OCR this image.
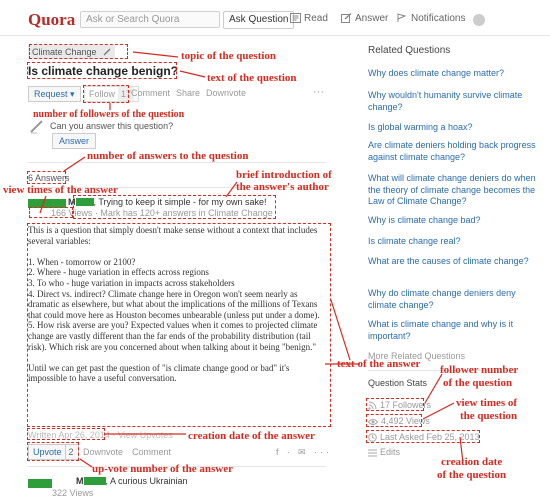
Quora	Ask or Search Quora	Ask Question	Read	Answer	Notifications
Climate Change
Is climate change benign?
Request ▾	Follow 17 Comment Share Downvote	···
Can you answer this question?
Answer
6 Answers
M , Trying to keep it simple - for my own sake!
166 Views · Mark has 120+ answers in Climate Change

This is a question that simply doesn't make sense without a context that includes several variables:

1. When - tomorrow or 2100?

2. Where - huge variation in effects across regions

3. To who - huge variation in impacts across stakeholders

4. Direct vs. indirect? Climate change here in Oregon won't seem nearly as dramatic as elsewhere, but what about the implications of the millions of Texans that could move here as Houston becomes unbearable (unless put under a dome).

5. How risk averse are you? Expected values when it comes to projected climate change are vastly different than the far ends of the probability distribution (tail risk). Which risk are you concerned about when talking about it being "benign."

Until we can get past the question of "is climate change good or bad" it's impossible to have a useful conversation.

Written Apr 26, 2014 · View Upvotes
Upvote 2	Downvote Comment	f ∙ ✉ ···
M , A curious Ukrainian
322 Views
Related Questions
Why does climate change matter?
Why wouldn't humanity survive climate change?
Is global warming a hoax?
Are climate deniers holding back progress against climate change?
What will climate change deniers do when the theory of climate change becomes the Law of Climate Change?
Why is climate change bad?
Is climate change real?
What are the causes of climate change?
Why do climate change deniers deny climate change?
What is climate change and why is it important?
More Related Questions
Question Stats
17 Followers
4,492 Views
Last Asked Feb 25, 2013
Edits
topic of the question
text of the question
number of followers of the question
number of answers to the question
view times of the answer
brief introduction of
the answer's author
text of the answer follower number
of the question
view times of
the question
creation date of the answer
creation date
of the question
up-vote number of the answer
